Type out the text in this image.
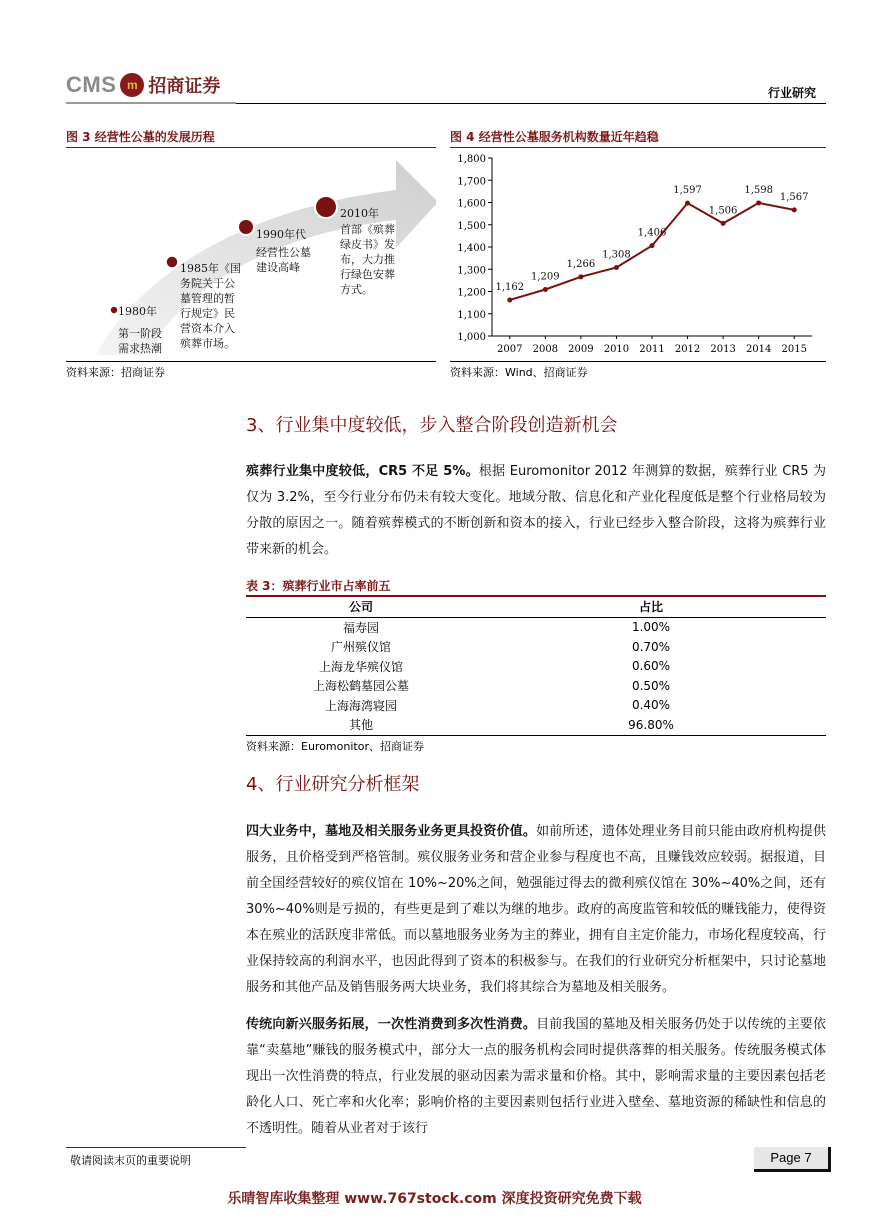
CMS m 招商证券	行业研究
图 3 经营性公墓的发展历程
1980年
第一阶段
需求热潮
1985年《国
务院关于公
墓管理的暂
行规定》民
营资本介入
殡葬市场。
1990年代
经营性公墓
建设高峰
2010年
首部《殡葬
绿皮书》发
布，大力推
行绿色安葬
方式。
资料来源：招商证券
图 4 经营性公墓服务机构数量近年趋稳
1,000
1,100
1,200
1,300
1,400
1,500
1,600
1,700
1,800
2007 2008 2009 2010 2011 2012 2013 2014 2015
1,162
1,209
1,266
1,308
1,406
1,597
1,506
1,598
1,567
资料来源：Wind、招商证券
3、行业集中度较低，步入整合阶段创造新机会
殡葬行业集中度较低，CR5 不足 5%。根据 Euromonitor 2012 年测算的数据，殡葬行业 CR5 为仅为 3.2%，至今行业分布仍未有较大变化。地域分散、信息化和产业化程度低是整个行业格局较为分散的原因之一。随着殡葬模式的不断创新和资本的接入，行业已经步入整合阶段，这将为殡葬行业带来新的机会。
表 3：殡葬行业市占率前五
公司	占比
福寿园	1.00%
广州殡仪馆	0.70%
上海龙华殡仪馆	0.60%
上海松鹤墓园公墓	0.50%
上海海湾寝园	0.40%
其他	96.80%
资料来源：Euromonitor、招商证券
4、行业研究分析框架
四大业务中，墓地及相关服务业务更具投资价值。如前所述，遗体处理业务目前只能由政府机构提供服务，且价格受到严格管制。殡仪服务业务和营企业参与程度也不高，且赚钱效应较弱。据报道，目前全国经营较好的殡仪馆在 10%~20%之间，勉强能过得去的微利殡仪馆在 30%~40%之间，还有 30%~40%则是亏损的，有些更是到了难以为继的地步。政府的高度监管和较低的赚钱能力，使得资本在殡业的活跃度非常低。而以墓地服务业务为主的葬业，拥有自主定价能力，市场化程度较高，行业保持较高的利润水平，也因此得到了资本的积极参与。在我们的行业研究分析框架中，只讨论墓地服务和其他产品及销售服务两大块业务，我们将其综合为墓地及相关服务。
传统向新兴服务拓展，一次性消费到多次性消费。目前我国的墓地及相关服务仍处于以传统的主要依靠“卖墓地”赚钱的服务模式中，部分大一点的服务机构会同时提供落葬的相关服务。传统服务模式体现出一次性消费的特点，行业发展的驱动因素为需求量和价格。其中，影响需求量的主要因素包括老龄化人口、死亡率和火化率；影响价格的主要因素则包括行业进入壁垒、墓地资源的稀缺性和信息的不透明性。随着从业者对于该行
敬请阅读末页的重要说明	Page 7
乐晴智库收集整理 www.767stock.com 深度投资研究免费下载
